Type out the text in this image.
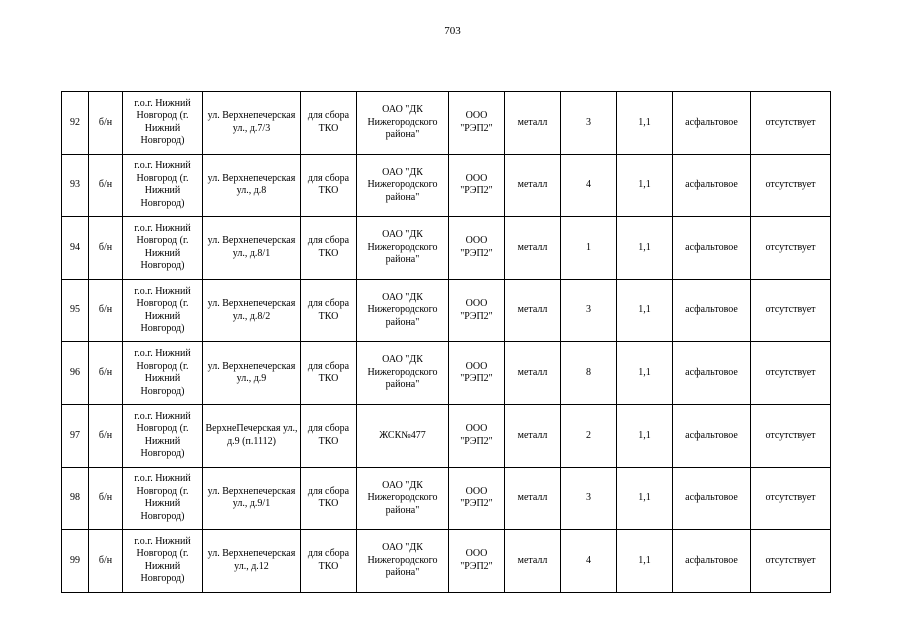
703
92	б/н	г.о.г. Нижний Новгород (г. Нижний Новгород)	ул. Верхнепечерская ул., д.7/3	для сбора ТКО	ОАО "ДК Нижегородского района"	ООО "РЭП2"	металл	3	1,1	асфальтовое	отсутствует
93	б/н	г.о.г. Нижний Новгород (г. Нижний Новгород)	ул. Верхнепечерская ул., д.8	для сбора ТКО	ОАО "ДК Нижегородского района"	ООО "РЭП2"	металл	4	1,1	асфальтовое	отсутствует
94	б/н	г.о.г. Нижний Новгород (г. Нижний Новгород)	ул. Верхнепечерская ул., д.8/1	для сбора ТКО	ОАО "ДК Нижегородского района"	ООО "РЭП2"	металл	1	1,1	асфальтовое	отсутствует
95	б/н	г.о.г. Нижний Новгород (г. Нижний Новгород)	ул. Верхнепечерская ул., д.8/2	для сбора ТКО	ОАО "ДК Нижегородского района"	ООО "РЭП2"	металл	3	1,1	асфальтовое	отсутствует
96	б/н	г.о.г. Нижний Новгород (г. Нижний Новгород)	ул. Верхнепечерская ул., д.9	для сбора ТКО	ОАО "ДК Нижегородского района"	ООО "РЭП2"	металл	8	1,1	асфальтовое	отсутствует
97	б/н	г.о.г. Нижний Новгород (г. Нижний Новгород)	ВерхнеПечерская ул., д.9 (п.1112)	для сбора ТКО	ЖСК№477	ООО "РЭП2"	металл	2	1,1	асфальтовое	отсутствует
98	б/н	г.о.г. Нижний Новгород (г. Нижний Новгород)	ул. Верхнепечерская ул., д.9/1	для сбора ТКО	ОАО "ДК Нижегородского района"	ООО "РЭП2"	металл	3	1,1	асфальтовое	отсутствует
99	б/н	г.о.г. Нижний Новгород (г. Нижний Новгород)	ул. Верхнепечерская ул., д.12	для сбора ТКО	ОАО "ДК Нижегородского района"	ООО "РЭП2"	металл	4	1,1	асфальтовое	отсутствует
